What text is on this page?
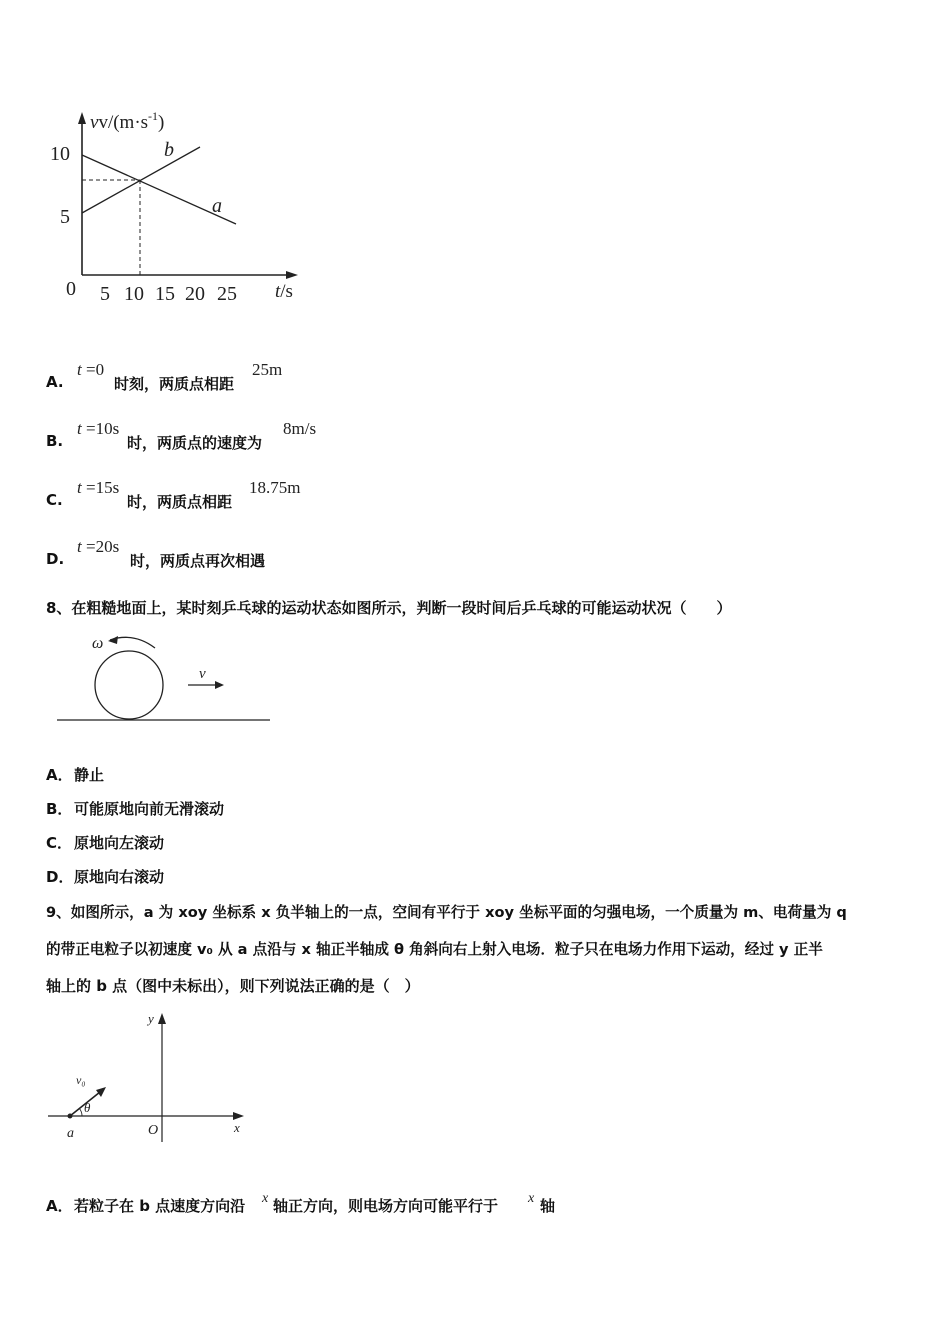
$vv/(m\cdot s^{-1})$
10
5
0 5 10 15 20 25 t/s
a
b
A.
t =0
时刻，两质点相距
25m
B.
t =10s
时，两质点的速度为
8m/s
C.
t =15s
时，两质点相距
18.75m
D.
t =20s
时，两质点再次相遇
8、在粗糙地面上，某时刻乒乓球的运动状态如图所示，判断一段时间后乒乓球的可能运动状况（　　）
ω
v
A． 静止
B． 可能原地向前无滑滚动
C． 原地向左滚动
D． 原地向右滚动
9、如图所示，a 为 xoy 坐标系 x 负半轴上的一点，空间有平行于 xoy 坐标平面的匀强电场，一个质量为 m、电荷量为 q
的带正电粒子以初速度 v₀ 从 a 点沿与 x 轴正半轴成 θ 角斜向右上射入电场．粒子只在电场力作用下运动，经过 y 正半
轴上的 b 点（图中未标出），则下列说法正确的是（　）
y
x
O
a
v₀
θ
A． 若粒子在 b 点速度方向沿 x 轴正方向，则电场方向可能平行于 x 轴
